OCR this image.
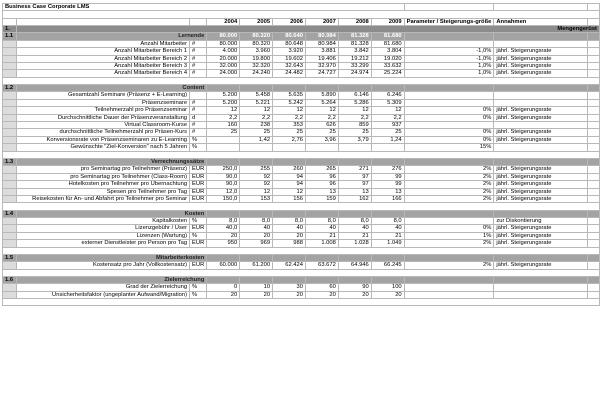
Business Case Corporate LMS											

			2004	2005	2006	2007	2008	2009	Parameter / Steigerungs-größe	Annahmen	
1.	Mengengerüst										
1.1	Lernende		80.000	80.320	80.640	80.984	81.328	81.680			
	Anzahl Mitarbeiter	#	80.000	80.320	80.648	80.984	81.328	81.680			
	Anzahl Mitarbeiter Bereich 1	#	4.000	3.960	3.920	3.881	3.842	3.804	-1,0%	jährl. Steigerungsrate	
	Anzahl Mitarbeiter Bereich 2	#	20.000	19.800	19.602	19.406	19.212	19.020	-1,0%	jährl. Steigerungsrate	
	Anzahl Mitarbeiter Bereich 3	#	32.000	32.320	32.643	32.970	33.299	33.632	1,0%	jährl. Steigerungsrate	
	Anzahl Mitarbeiter Bereich 4	#	24.000	24.240	24.482	24.727	24.974	25.224	1,0%	jährl. Steigerungsrate	

1.2	Content										
	Gesamtzahl Seminare (Präsenz + E-Learning)		5.200	5.458	5.635	5.890	6.146	6.246			
	Präsenzseminare	#	5.200	5.221	5.242	5.264	5.286	5.309			
	Teilnehmerzahl pro Präsenzseminar	#	12	12	12	12	12	12	0%	jährl. Steigerungsrate	
	Durchschnittliche Dauer der Präsenzveranstaltung	d	2,2	2,2	2,2	2,2	2,2	2,2	0%	jährl. Steigerungsrate	
	Virtual Classroom-Kurse	#	160	238	353	626	859	937			
	durchschnittliche Teilnehmerzahl pro Präsen-Kurs	#	25	25	25	25	25	25	0%	jährl. Steigerungsrate	
	Konversionsrate von Präsenzseminaren zu E-Learning	%		1,42	2,76	3,96	3,79	1,24	0%	jährl. Steigerungsrate	
	Gewünschte "Ziel-Konversion" nach 5 Jahren	%							15%		

1.3	Verrechnungssätze										
	pro Seminartag pro Teilnehmer (Präsenz)	EUR	250,0	255	260	265	271	276	2%	jährl. Steigerungsrate	
	pro Seminartag pro Teilnehmer (Class-Room)	EUR	90,0	92	94	96	97	99	2%	jährl. Steigerungsrate	
	Hotelkosten pro Teilnehmer pro Übernachtung	EUR	90,0	92	94	96	97	99	2%	jährl. Steigerungsrate	
	Spesen pro Teilnehmer pro Tag	EUR	12,0	12	12	13	13	13	2%	jährl. Steigerungsrate	
	Reisekosten für An- und Abfahrt pro Teilnehmer pro Seminar	EUR	150,0	153	156	159	162	166	2%	jährl. Steigerungsrate	

1.4	Kosten										
	Kapitalkosten	%	8,0	8,0	8,0	8,0	8,0	8,0		zur Diskontierung	
	Lizenzgebühr / User	EUR	40,0	40	40	40	40	40	0%	jährl. Steigerungsrate	
	Lizenzen (Wartung)	%	20	20	20	21	21	21	1%	jährl. Steigerungsrate	
	externer Dienstleister pro Person pro Tag	EUR	950	969	988	1.008	1.028	1.049	2%	jährl. Steigerungsrate	

1.5	Mitarbeiterkosten										
	Kostensatz pro Jahr (Vollkostensatz)	EUR	60.000	61.200	62.424	63.672	64.946	66.245	2%	jährl. Steigerungsrate	

1.6	Zielerreichung										
	Grad der Zielerreichung	%	0	10	30	60	90	100			
	Unsicherheitsfaktor (ungeplanter Aufwand/Migration)	%	20	20	20	20	20	20			
